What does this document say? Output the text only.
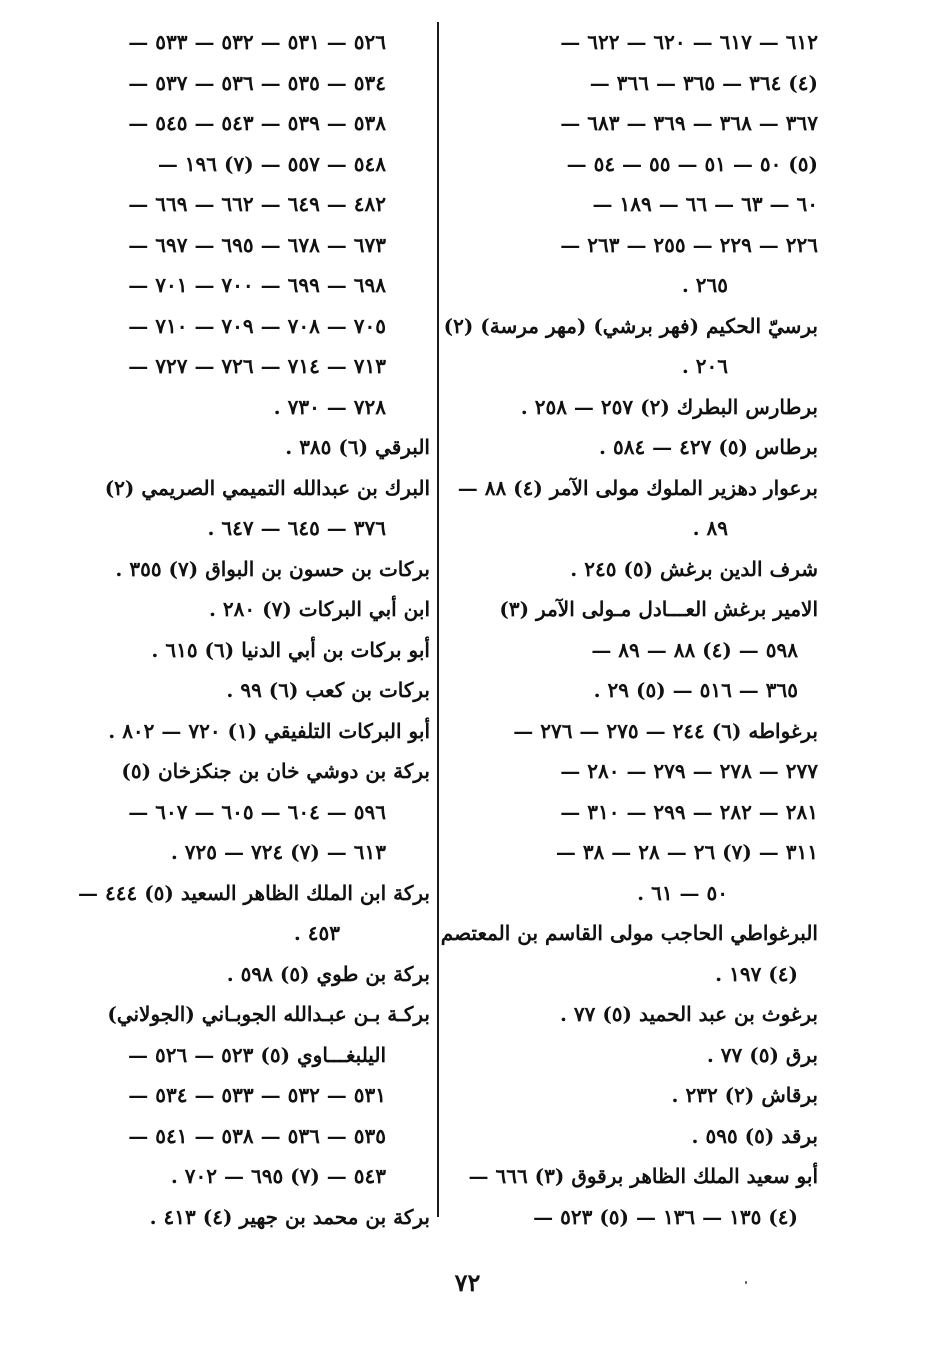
٦١٢ — ٦١٧ — ٦٢٠ — ٦٢٢ —
(٤) ٣٦٤ — ٣٦٥ — ٣٦٦ —
٣٦٧ — ٣٦٨ — ٣٦٩ — ٦٨٣ —
(٥) ٥٠ — ٥١ — ٥٥ — ٥٤ —
٦٠ — ٦٣ — ٦٦ — ١٨٩ —
٢٢٦ — ٢٢٩ — ٢٥٥ — ٢٦٣ —
٢٦٥ .
برسيّ الحكيم (فهر برشي) (مهر مرسة) (٢)
٢٠٦ .
برطارس البطرك (٢) ٢٥٧ — ٢٥٨ .
برطاس (٥) ٤٢٧ — ٥٨٤ .
برعوار دهزير الملوك مولى الآمر (٤) ٨٨ —
٨٩ .
شرف الدين برغش (٥) ٢٤٥ .
الامير برغش العـــادل مـولى الآمر (٣)
٥٩٨ — (٤) ٨٨ — ٨٩ —
٣٦٥ — ٥١٦ — (٥) ٢٩ .
برغواطه (٦) ٢٤٤ — ٢٧٥ — ٢٧٦ —
٢٧٧ — ٢٧٨ — ٢٧٩ — ٢٨٠ —
٢٨١ — ٢٨٢ — ٢٩٩ — ٣١٠ —
٣١١ — (٧) ٢٦ — ٢٨ — ٣٨ —
٥٠ — ٦١ .
البرغواطي الحاجب مولى القاسم بن المعتصم
(٤) ١٩٧ .
برغوث بن عبد الحميد (٥) ٧٧ .
برق (٥) ٧٧ .
برقاش (٢) ٢٣٢ .
برقد (٥) ٥٩٥ .
أبو سعيد الملك الظاهر برقوق (٣) ٦٦٦ —
(٤) ١٣٥ — ١٣٦ — (٥) ٥٢٣ —
٥٢٦ — ٥٣١ — ٥٣٢ — ٥٣٣ —
٥٣٤ — ٥٣٥ — ٥٣٦ — ٥٣٧ —
٥٣٨ — ٥٣٩ — ٥٤٣ — ٥٤٥ —
٥٤٨ — ٥٥٧ — (٧) ١٩٦ —
٤٨٢ — ٦٤٩ — ٦٦٢ — ٦٦٩ —
٦٧٣ — ٦٧٨ — ٦٩٥ — ٦٩٧ —
٦٩٨ — ٦٩٩ — ٧٠٠ — ٧٠١ —
٧٠٥ — ٧٠٨ — ٧٠٩ — ٧١٠ —
٧١٣ — ٧١٤ — ٧٢٦ — ٧٢٧ —
٧٢٨ — ٧٣٠ .
البرقي (٦) ٣٨٥ .
البرك بن عبدالله التميمي الصريمي (٢)
٣٧٦ — ٦٤٥ — ٦٤٧ .
بركات بن حسون بن البواق (٧) ٣٥٥ .
ابن أبي البركات (٧) ٢٨٠ .
أبو بركات بن أبي الدنيا (٦) ٦١٥ .
بركات بن كعب (٦) ٩٩ .
أبو البركات التلفيقي (١) ٧٢٠ — ٨٠٢ .
بركة بن دوشي خان بن جنكزخان (٥)
٥٩٦ — ٦٠٤ — ٦٠٥ — ٦٠٧ —
٦١٣ — (٧) ٧٢٤ — ٧٢٥ .
بركة ابن الملك الظاهر السعيد (٥) ٤٤٤ —
٤٥٣ .
بركة بن طوي (٥) ٥٩٨ .
بركـة بـن عبـدالله الجوبـاني (الجولاني)
اليلبغـــاوي (٥) ٥٢٣ — ٥٢٦ —
٥٣١ — ٥٣٢ — ٥٣٣ — ٥٣٤ —
٥٣٥ — ٥٣٦ — ٥٣٨ — ٥٤١ —
٥٤٣ — (٧) ٦٩٥ — ٧٠٢ .
بركة بن محمد بن جهير (٤) ٤١٣ .
٧٢
